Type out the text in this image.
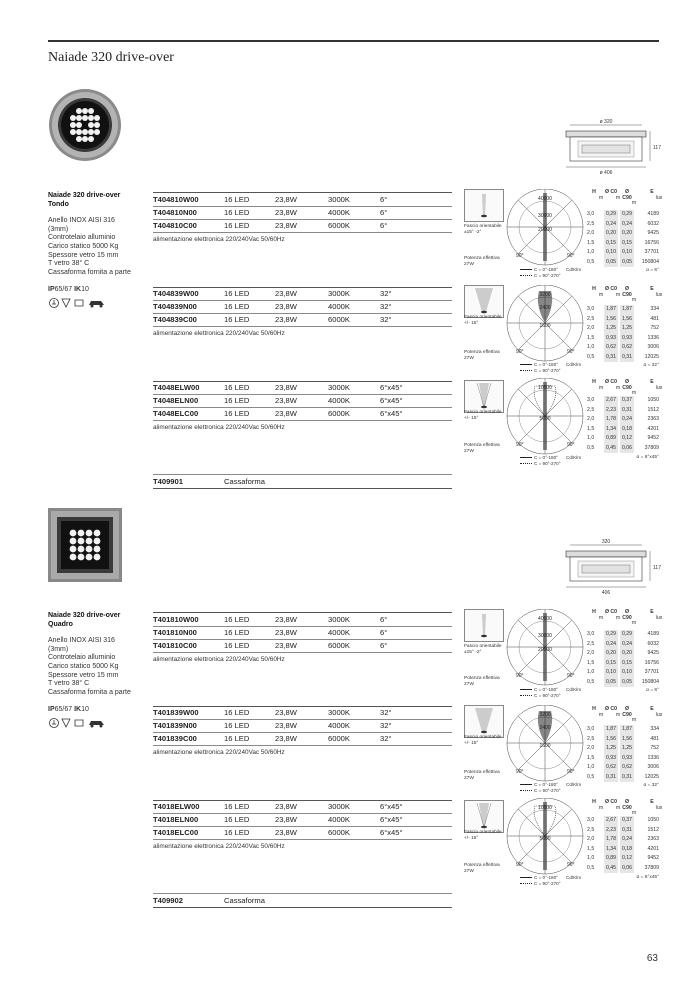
Naiade 320 drive-over
ø 320
ø 406
117
Naiade 320 drive-over
Tondo
Anello INOX AISI 316
(3mm)
Controtelaio alluminio
Carico statico 5000 Kg
Spessore vetro 15 mm
T vetro 38° C
Cassaforma fornita a parte
IP65/67 IK10
T404810W00	16 LED	23,8W	3000K	6°
T404810N00	16 LED	23,8W	4000K	6°
T404810C00	16 LED	23,8W	6000K	6°
alimentazione elettronica 220/240Vac 50/60Hz
T404839W00	16 LED	23,8W	3000K	32°
T404839N00	16 LED	23,8W	4000K	32°
T404839C00	16 LED	23,8W	6000K	32°
alimentazione elettronica 220/240Vac 50/60Hz
T4048ELW00	16 LED	23,8W	3000K	6°x45°
T4048ELN00	16 LED	23,8W	4000K	6°x45°
T4048ELC00	16 LED	23,8W	6000K	6°x45°
alimentazione elettronica 220/240Vac 50/60Hz
T409901	Cassaforma
Fascio orientabile
±15° -2°
Potenza effettiva
27W
40000
30000
20000
90°	90°
C = 0°-180° Cd/Klm
C = 90°-270°
H
m
Ø C0
m
Ø C90
m
E
lux
3,0	0,29	0,29	4189
2,5	0,24	0,24	6032
2,0	0,20	0,20	9425
1,5	0,15	0,15	16756
1,0	0,10	0,10	37701
0,5	0,05	0,05	150804
α = 6°
Fascio orientabile
+/- 15°
Potenza effettiva
27W
3200
2400
1600
90°	90°
C = 0°-180° Cd/Klm
C = 90°-270°
H
m
Ø C0
m
Ø C90
m
E
lux
3,0	1,87	1,87	334
2,5	1,56	1,56	481
2,0	1,25	1,25	752
1,5	0,93	0,93	1336
1,0	0,62	0,62	3006
0,5	0,31	0,31	12025
α = 32°
Fascio orientabile
+/- 15°
Potenza effettiva
27W
10000
5000
90°	90°
C = 0°-180° Cd/Klm
C = 90°-270°
H
m
Ø C0
m
Ø C90
m
E
lux
3,0	2,67	0,37	1050
2,5	2,23	0,31	1512
2,0	1,78	0,24	2363
1,5	1,34	0,18	4201
1,0	0,89	0,12	9452
0,5	0,45	0,06	37809
α = 6°x45°
320
406
117
Naiade 320 drive-over
Quadro
Anello INOX AISI 316
(3mm)
Controtelaio alluminio
Carico statico 5000 Kg
Spessore vetro 15 mm
T vetro 38° C
Cassaforma fornita a parte
IP65/67 IK10
T401810W00	16 LED	23,8W	3000K	6°
T401810N00	16 LED	23,8W	4000K	6°
T401810C00	16 LED	23,8W	6000K	6°
alimentazione elettronica 220/240Vac 50/60Hz
T401839W00	16 LED	23,8W	3000K	32°
T401839N00	16 LED	23,8W	4000K	32°
T401839C00	16 LED	23,8W	6000K	32°
alimentazione elettronica 220/240Vac 50/60Hz
T4018ELW00	16 LED	23,8W	3000K	6°x45°
T4018ELN00	16 LED	23,8W	4000K	6°x45°
T4018ELC00	16 LED	23,8W	6000K	6°x45°
alimentazione elettronica 220/240Vac 50/60Hz
T409902	Cassaforma
Fascio orientabile
±15° -2°
Potenza effettiva
27W
40000
30000
20000
90°	90°
C = 0°-180° Cd/Klm
C = 90°-270°
H
m
Ø C0
m
Ø C90
m
E
lux
3,0	0,29	0,29	4189
2,5	0,24	0,24	6032
2,0	0,20	0,20	9425
1,5	0,15	0,15	16756
1,0	0,10	0,10	37701
0,5	0,05	0,05	150804
α = 6°
Fascio orientabile
+/- 15°
Potenza effettiva
27W
3200
2400
1600
90°	90°
C = 0°-180° Cd/Klm
C = 90°-270°
H
m
Ø C0
m
Ø C90
m
E
lux
3,0	1,87	1,87	334
2,5	1,56	1,56	481
2,0	1,25	1,25	752
1,5	0,93	0,93	1336
1,0	0,62	0,62	3006
0,5	0,31	0,31	12025
α = 32°
Fascio orientabile
+/- 15°
Potenza effettiva
27W
10000
5000
90°	90°
C = 0°-180° Cd/Klm
C = 90°-270°
H
m
Ø C0
m
Ø C90
m
E
lux
3,0	2,67	0,37	1050
2,5	2,23	0,31	1512
2,0	1,78	0,24	2363
1,5	1,34	0,18	4201
1,0	0,89	0,12	9452
0,5	0,45	0,06	37809
α = 6°x45°
63
